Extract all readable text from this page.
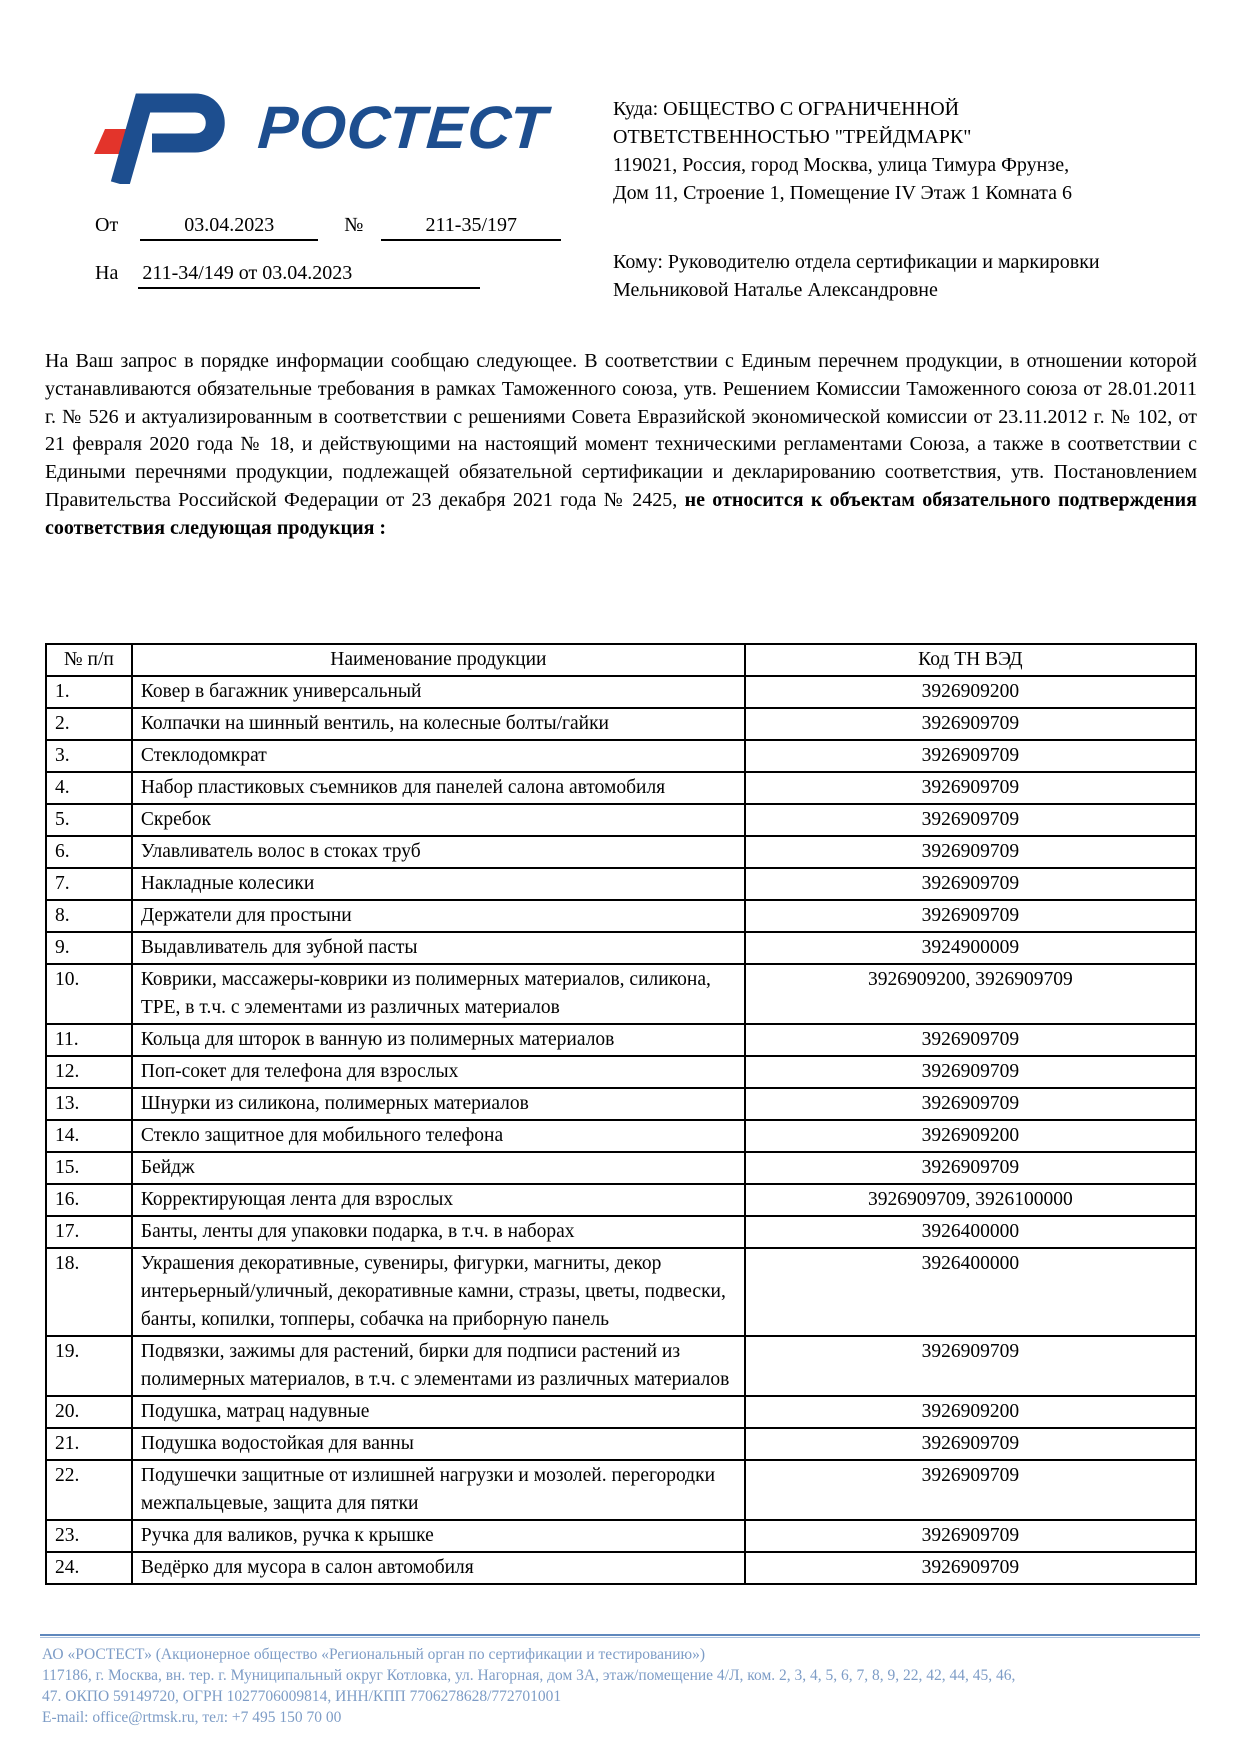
РОСТЕСТ
От	03.04.2023	№	211-35/197
На 211-34/149 от 03.04.2023
Куда: ОБЩЕСТВО С ОГРАНИЧЕННОЙ ОТВЕТСТВЕННОСТЬЮ "ТРЕЙДМАРК"
119021, Россия, город Москва, улица Тимура Фрунзе, Дом 11, Строение 1, Помещение IV Этаж 1 Комната 6
Кому: Руководителю отдела сертификации и маркировки
Мельниковой Наталье Александровне
На Ваш запрос в порядке информации сообщаю следующее. В соответствии с Единым перечнем продукции, в отношении которой устанавливаются обязательные требования в рамках Таможенного союза, утв. Решением Комиссии Таможенного союза от 28.01.2011 г. № 526 и актуализированным в соответствии с решениями Совета Евразийской экономической комиссии от 23.11.2012 г. № 102, от 21 февраля 2020 года № 18, и действующими на настоящий момент техническими регламентами Союза, а также в соответствии с Едиными перечнями продукции, подлежащей обязательной сертификации и декларированию соответствия, утв. Постановлением Правительства Российской Федерации от 23 декабря 2021 года № 2425, не относится к объектам обязательного подтверждения соответствия следующая продукция :
№ п/п	Наименование продукции	Код ТН ВЭД
1.	Ковер в багажник универсальный	3926909200
2.	Колпачки на шинный вентиль, на колесные болты/гайки	3926909709
3.	Стеклодомкрат	3926909709
4.	Набор пластиковых съемников для панелей салона автомобиля	3926909709
5.	Скребок	3926909709
6.	Улавливатель волос в стоках труб	3926909709
7.	Накладные колесики	3926909709
8.	Держатели для простыни	3926909709
9.	Выдавливатель для зубной пасты	3924900009
10.	Коврики, массажеры-коврики из полимерных материалов, силикона, TPE, в т.ч. с элементами из различных материалов	3926909200, 3926909709
11.	Кольца для шторок в ванную из полимерных материалов	3926909709
12.	Поп-сокет для телефона для взрослых	3926909709
13.	Шнурки из силикона, полимерных материалов	3926909709
14.	Стекло защитное для мобильного телефона	3926909200
15.	Бейдж	3926909709
16.	Корректирующая лента для взрослых	3926909709, 3926100000
17.	Банты, ленты для упаковки подарка, в т.ч. в наборах	3926400000
18.	Украшения декоративные, сувениры, фигурки, магниты, декор интерьерный/уличный, декоративные камни, стразы, цветы, подвески, банты, копилки, топперы, собачка на приборную панель	3926400000
19.	Подвязки, зажимы для растений, бирки для подписи растений из полимерных материалов, в т.ч. с элементами из различных материалов	3926909709
20.	Подушка, матрац надувные	3926909200
21.	Подушка водостойкая для ванны	3926909709
22.	Подушечки защитные от излишней нагрузки и мозолей. перегородки межпальцевые, защита для пятки	3926909709
23.	Ручка для валиков, ручка к крышке	3926909709
24.	Ведёрко для мусора в салон автомобиля	3926909709
АО «РОСТЕСТ» (Акционерное общество «Региональный орган по сертификации и тестированию»)
117186, г. Москва, вн. тер. г. Муниципальный округ Котловка, ул. Нагорная, дом 3А, этаж/помещение 4/Л, ком. 2, 3, 4, 5, 6, 7, 8, 9, 22, 42, 44, 45, 46,
47. ОКПО 59149720, ОГРН 1027706009814, ИНН/КПП 7706278628/772701001
E-mail: office@rtmsk.ru, тел: +7 495 150 70 00
